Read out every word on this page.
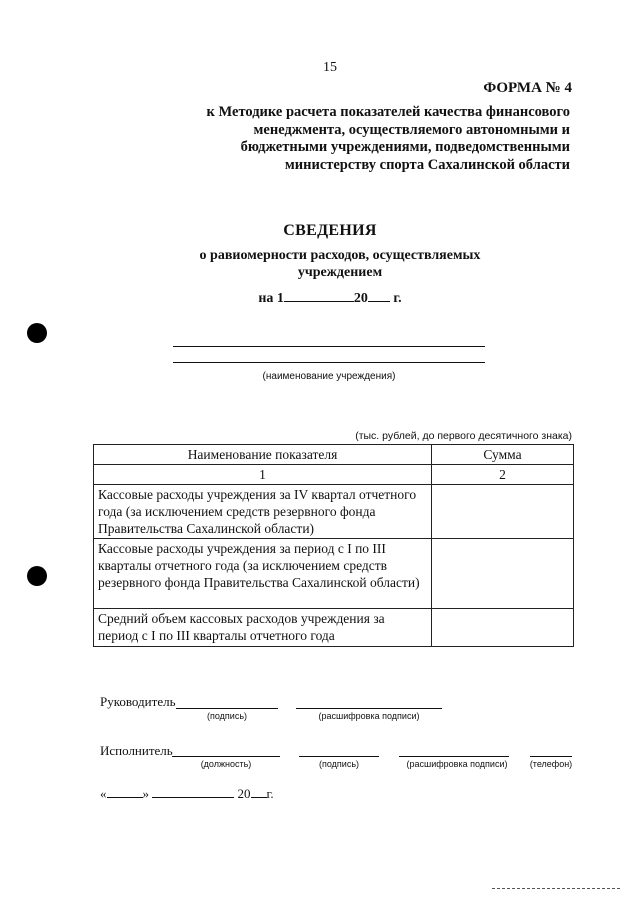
15
ФОРМА № 4
к Методике расчета показателей качества финансового
менеджмента, осуществляемого автономными и
бюджетными учреждениями, подведомственными
министерству спорта Сахалинской области
СВЕДЕНИЯ
о равиомерности расходов, осуществляемых
учреждением
на 1	20 г.
(наименование учреждения)
(тыс. рублей, до первого десятичного знака)
Наименование показателя	Сумма
1	2
Кассовые расходы учреждения за IV квартал отчетного года (за исключением средств резервного фонда Правительства Сахалинской области)	
Кассовые расходы учреждения за период с I по III кварталы отчетного года (за исключением средств резервного фонда Правительства Сахалинской области)	
Средний объем кассовых расходов учреждения за период с I по III кварталы отчетного года	
Руководитель
(подпись)	(расшифровка подписи)
Исполнитель
(должность)	(подпись)	(расшифровка подписи)	(телефон)
«	»	20 г.
